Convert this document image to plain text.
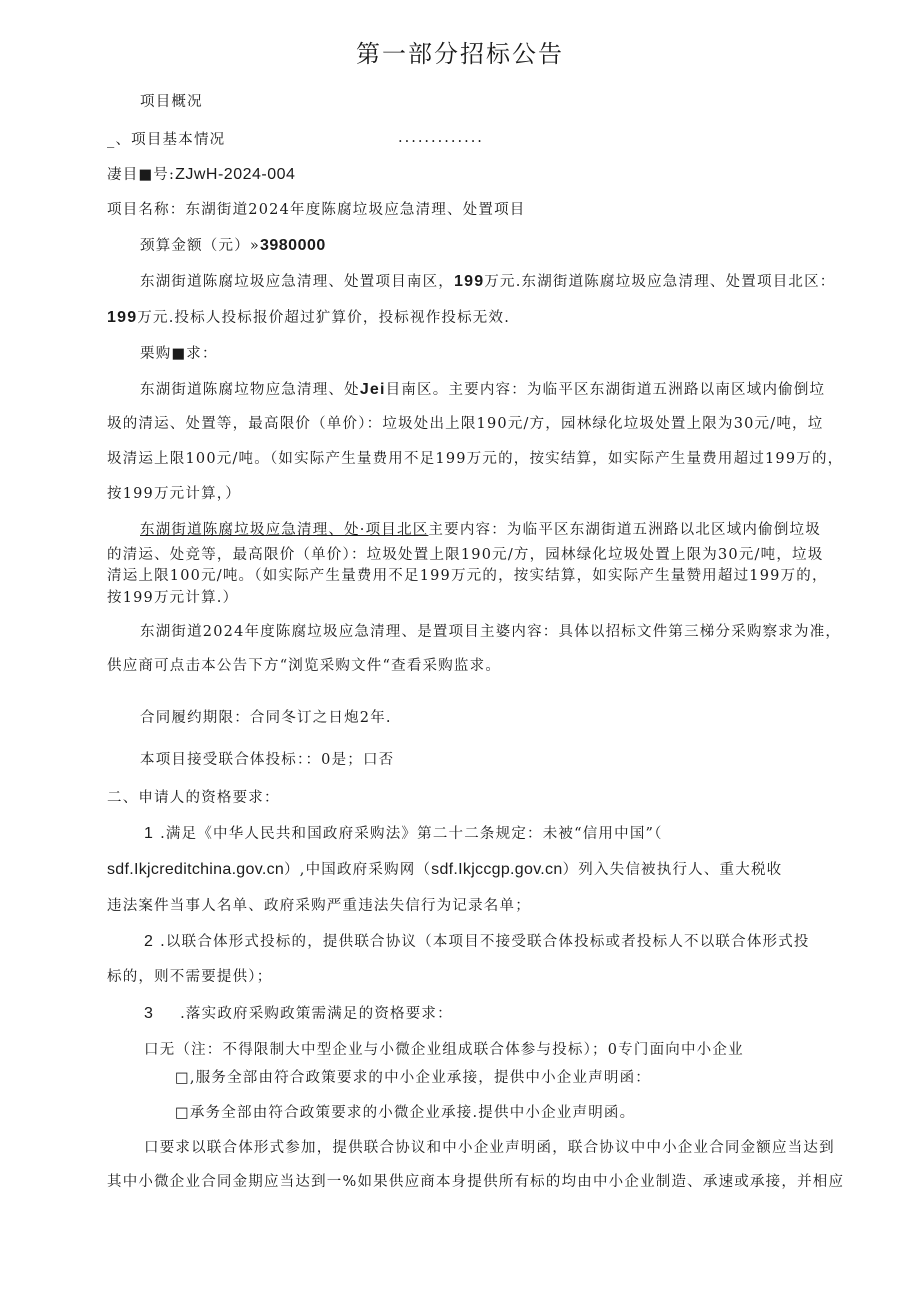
第一部分招标公告
项目概况
_、项目基本情况	.............
凄目■号:ZJwH-2024-004
项目名称：东湖街道2024年度陈腐垃圾应急清理、处置项目
颈算金额（元）»3980000
东湖街道陈腐垃圾应急清理、处置项目南区，199万元.东湖街道陈腐垃圾应急清理、处置项目北区：
199万元.投标人投标报价超过犷算价，投标视作投标无效.
栗购■求：
东湖街道陈腐垃物应急清理、处Jei目南区。主要内容：为临平区东湖街道五洲路以南区域内偷倒垃
圾的清运、处置等，最高限价（单价）：垃圾处出上限190元/方，园林绿化垃圾处置上限为30元/吨，垃
圾清运上限100元/吨。（如实际产生量费用不足199万元的，按实结算，如实际产生量费用超过199万的，
按199万元计算，）
东湖街道陈腐垃圾应急清理、处·项目北区主要内容：为临平区东湖街道五洲路以北区域内偷倒垃圾
的清运、处竞等，最高限价（单价）：垃圾处置上限190元/方，园林绿化垃圾处置上限为30元/吨，垃圾
清运上限100元/吨。（如实际产生量费用不足199万元的，按实结算，如实际产生量赞用超过199万的，
按199万元计算.）
东湖街道2024年度陈腐垃圾应急清理、是置项目主婆内容：具体以招标文件第三梯分采购察求为准，
供应商可点击本公告下方“浏览采购文件“查看采购监求。
合同履约期限：合同冬订之日炮2年.
本项目接受联合体投标：：0是；口否
二、申请人的资格要求：
1 .满足《中华人民共和国政府采购法》第二十二条规定：未被“信用中国”（
sdf.Ikjcreditchina.gov.cn）,中国政府采购网（sdf.Ikjccgp.gov.cn）列入失信被执行人、重大税收
违法案件当事人名单、政府采购严重违法失信行为记录名单；
2 .以联合体形式投标的，提供联合协议（本项目不接受联合体投标或者投标人不以联合体形式投
标的，则不需要提供）；
3 .落实政府采购政策需满足的资格要求：
口无（注：不得限制大中型企业与小微企业组成联合体参与投标）；0专门面向中小企业
□,服务全部由符合政策要求的中小企业承接，提供中小企业声明函：
□承务全部由符合政策要求的小微企业承接.提供中小企业声明函。
口要求以联合体形式参加，提供联合协议和中小企业声明函，联合协议中中小企业合同金额应当达到
其中小微企业合同金期应当达到一%如果供应商本身提供所有标的均由中小企业制造、承速或承接，并相应
